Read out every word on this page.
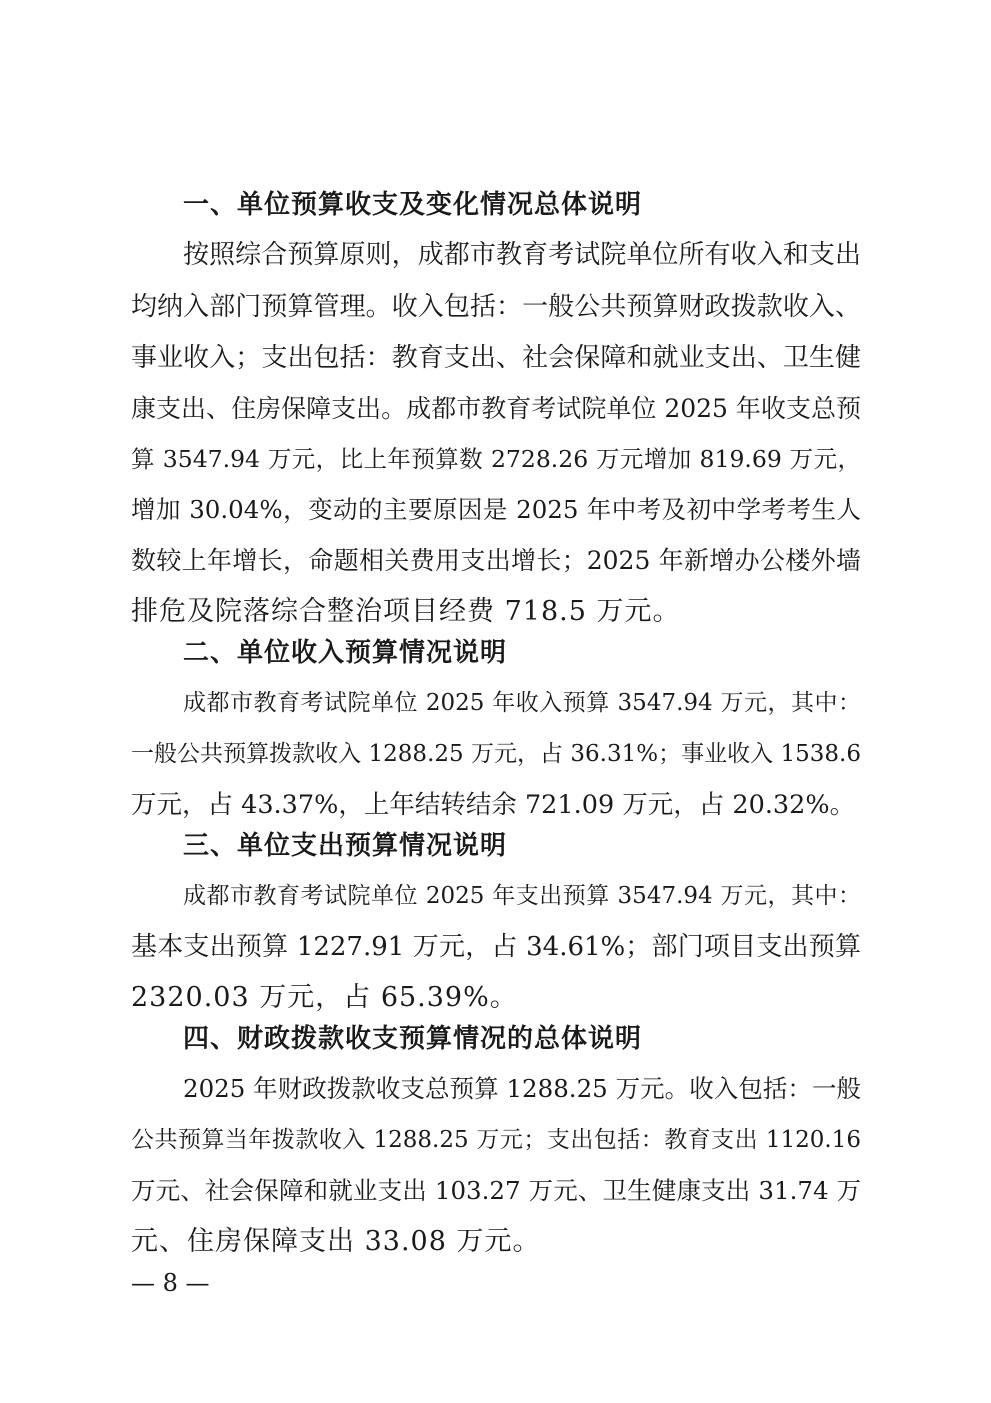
一、单位预算收支及变化情况总体说明
按照综合预算原则，成都市教育考试院单位所有收入和支出
均纳入部门预算管理。收入包括：一般公共预算财政拨款收入、
事业收入；支出包括：教育支出、社会保障和就业支出、卫生健
康支出、住房保障支出。成都市教育考试院单位 2025 年收支总预
算 3547.94 万元，比上年预算数 2728.26 万元增加 819.69 万元，
增加 30.04%，变动的主要原因是 2025 年中考及初中学考考生人
数较上年增长，命题相关费用支出增长；2025 年新增办公楼外墙
排危及院落综合整治项目经费 718.5 万元。
二、单位收入预算情况说明
成都市教育考试院单位 2025 年收入预算 3547.94 万元，其中：
一般公共预算拨款收入 1288.25 万元，占 36.31%；事业收入 1538.6
万元，占 43.37%，上年结转结余 721.09 万元，占 20.32%。
三、单位支出预算情况说明
成都市教育考试院单位 2025 年支出预算 3547.94 万元，其中：
基本支出预算 1227.91 万元，占 34.61%；部门项目支出预算
2320.03 万元，占 65.39%。
四、财政拨款收支预算情况的总体说明
2025 年财政拨款收支总预算 1288.25 万元。收入包括：一般
公共预算当年拨款收入 1288.25 万元；支出包括：教育支出 1120.16
万元、社会保障和就业支出 103.27 万元、卫生健康支出 31.74 万
元、住房保障支出 33.08 万元。
— 8 —
